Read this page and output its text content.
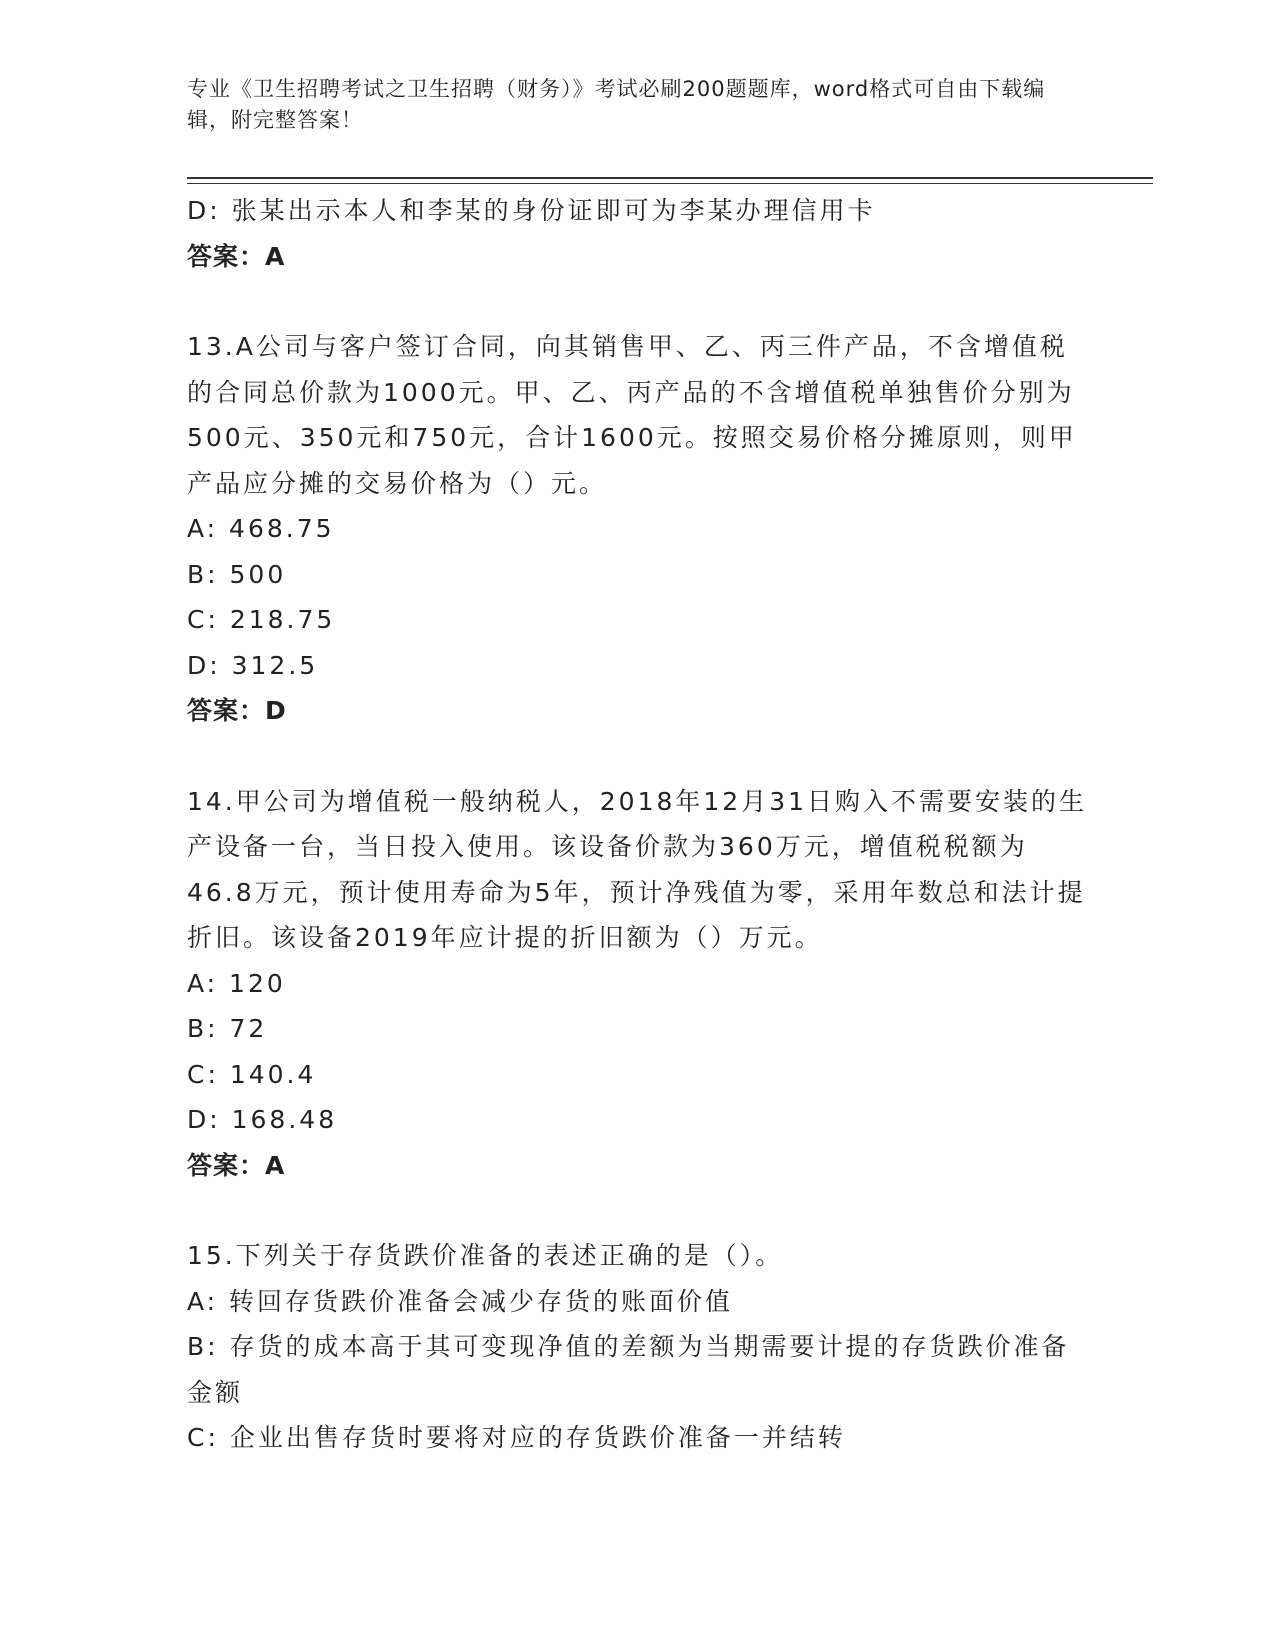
专业《卫生招聘考试之卫生招聘（财务）》考试必刷200题题库，word格式可自由下载编辑，附完整答案！

D: 张某出示本人和李某的身份证即可为李某办理信用卡

答案：A

13.A公司与客户签订合同，向其销售甲、乙、丙三件产品，不含增值税的合同总价款为1000元。甲、乙、丙产品的不含增值税单独售价分别为500元、350元和750元，合计1600元。按照交易价格分摊原则，则甲产品应分摊的交易价格为（）元。

A: 468.75

B: 500

C: 218.75

D: 312.5

答案：D

14.甲公司为增值税一般纳税人，2018年12月31日购入不需要安装的生产设备一台，当日投入使用。该设备价款为360万元，增值税税额为46.8万元，预计使用寿命为5年，预计净残值为零，采用年数总和法计提折旧。该设备2019年应计提的折旧额为（）万元。

A: 120

B: 72

C: 140.4

D: 168.48

答案：A

15.下列关于存货跌价准备的表述正确的是（）。

A: 转回存货跌价准备会减少存货的账面价值

B: 存货的成本高于其可变现净值的差额为当期需要计提的存货跌价准备金额

C: 企业出售存货时要将对应的存货跌价准备一并结转
